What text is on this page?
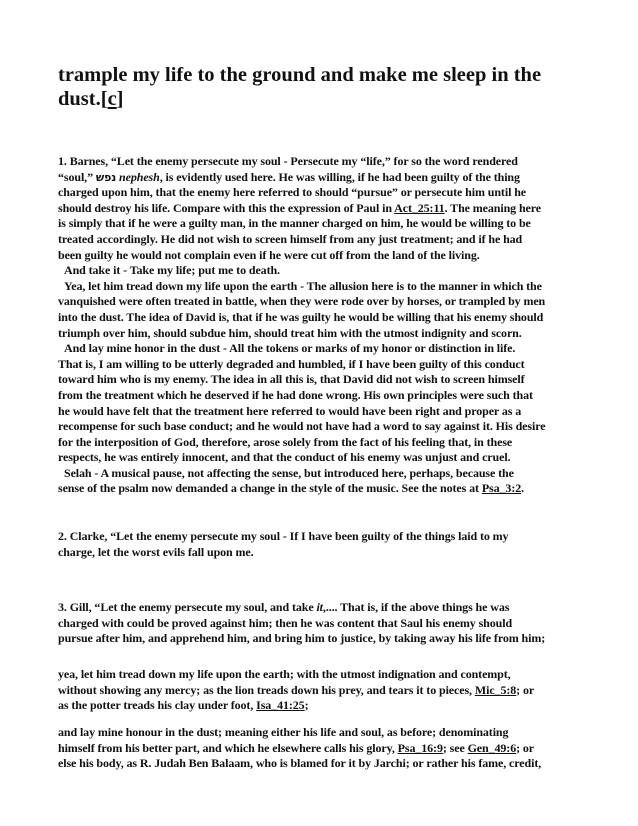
trample my life to the ground and make me sleep in the
dust.[c]
1. Barnes, “Let the enemy persecute my soul - Persecute my “life,” for so the word rendered
“soul,” נפש nephesh, is evidently used here. He was willing, if he had been guilty of the thing
charged upon him, that the enemy here referred to should “pursue” or persecute him until he
should destroy his life. Compare with this the expression of Paul in Act_25:11. The meaning here
is simply that if he were a guilty man, in the manner charged on him, he would be willing to be
treated accordingly. He did not wish to screen himself from any just treatment; and if he had
been guilty he would not complain even if he were cut off from the land of the living.
And take it - Take my life; put me to death.
Yea, let him tread down my life upon the earth - The allusion here is to the manner in which the
vanquished were often treated in battle, when they were rode over by horses, or trampled by men
into the dust. The idea of David is, that if he was guilty he would be willing that his enemy should
triumph over him, should subdue him, should treat him with the utmost indignity and scorn.
And lay mine honor in the dust - All the tokens or marks of my honor or distinction in life.
That is, I am willing to be utterly degraded and humbled, if I have been guilty of this conduct
toward him who is my enemy. The idea in all this is, that David did not wish to screen himself
from the treatment which he deserved if he had done wrong. His own principles were such that
he would have felt that the treatment here referred to would have been right and proper as a
recompense for such base conduct; and he would not have had a word to say against it. His desire
for the interposition of God, therefore, arose solely from the fact of his feeling that, in these
respects, he was entirely innocent, and that the conduct of his enemy was unjust and cruel.
Selah - A musical pause, not affecting the sense, but introduced here, perhaps, because the
sense of the psalm now demanded a change in the style of the music. See the notes at Psa_3:2.
2. Clarke, “Let the enemy persecute my soul - If I have been guilty of the things laid to my
charge, let the worst evils fall upon me.
3. Gill, “Let the enemy persecute my soul, and take it,.... That is, if the above things he was
charged with could be proved against him; then he was content that Saul his enemy should
pursue after him, and apprehend him, and bring him to justice, by taking away his life from him;
yea, let him tread down my life upon the earth; with the utmost indignation and contempt,
without showing any mercy; as the lion treads down his prey, and tears it to pieces, Mic_5:8; or
as the potter treads his clay under foot, Isa_41:25;
and lay mine honour in the dust; meaning either his life and soul, as before; denominating
himself from his better part, and which he elsewhere calls his glory, Psa_16:9; see Gen_49:6; or
else his body, as R. Judah Ben Balaam, who is blamed for it by Jarchi; or rather his fame, credit,
